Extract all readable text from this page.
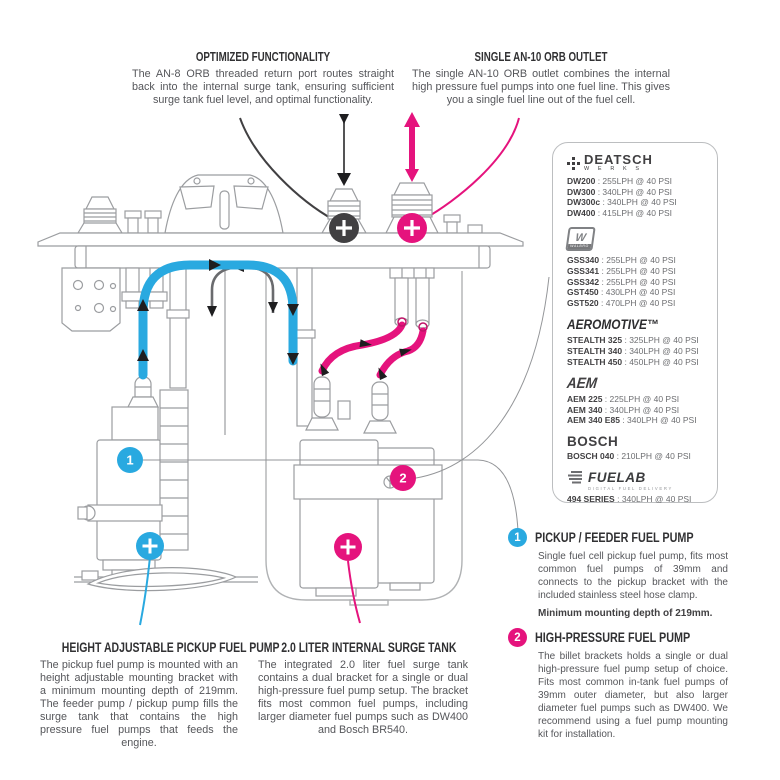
OPTIMIZED FUNCTIONALITY
The AN-8 ORB threaded return port routes straight back into the internal surge tank, ensuring sufficient surge tank fuel level, and optimal functionality.
SINGLE AN-10 ORB OUTLET
The single AN-10 ORB outlet combines the internal high pressure fuel pumps into one fuel line. This gives you a single fuel line out of the fuel cell.
1
2
DEATSCH
W E R K S
DW200 : 255LPH @ 40 PSI
DW300 : 340LPH @ 40 PSI
DW300c : 340LPH @ 40 PSI
DW400 : 415LPH @ 40 PSI
W
WALBRO
GSS340 : 255LPH @ 40 PSI
GSS341 : 255LPH @ 40 PSI
GSS342 : 255LPH @ 40 PSI
GST450 : 430LPH @ 40 PSI
GST520 : 470LPH @ 40 PSI
AEROMOTIVE™
STEALTH 325 : 325LPH @ 40 PSI
STEALTH 340 : 340LPH @ 40 PSI
STEALTH 450 : 450LPH @ 40 PSI
AEM
AEM 225 : 225LPH @ 40 PSI
AEM 340 : 340LPH @ 40 PSI
AEM 340 E85 : 340LPH @ 40 PSI
BOSCH
BOSCH 040 : 210LPH @ 40 PSI
FUELAB
DIGITAL FUEL DELIVERY
494 SERIES : 340LPH @ 40 PSI
1	PICKUP / FEEDER FUEL PUMP
Single fuel cell pickup fuel pump, fits most common fuel pumps of 39mm and connects to the pickup bracket with the included stainless steel hose clamp.
Minimum mounting depth of 219mm.
2	HIGH-PRESSURE FUEL PUMP
The billet brackets holds a single or dual high-pressure fuel pump setup of choice. Fits most common in-tank fuel pumps of 39mm outer diameter, but also larger diameter fuel pumps such as DW400. We recommend using a fuel pump mounting kit for installation.
HEIGHT ADJUSTABLE PICKUP FUEL PUMP
The pickup fuel pump is mounted with an height adjustable mounting bracket with a minimum mounting depth of 219mm. The feeder pump / pickup pump fills the surge tank that contains the high pressure fuel pumps that feeds the engine.
2.0 LITER INTERNAL SURGE TANK
The integrated 2.0 liter fuel surge tank contains a dual bracket for a single or dual high-pressure fuel pump setup. The bracket fits most common fuel pumps, including larger diameter fuel pumps such as DW400 and Bosch BR540.
